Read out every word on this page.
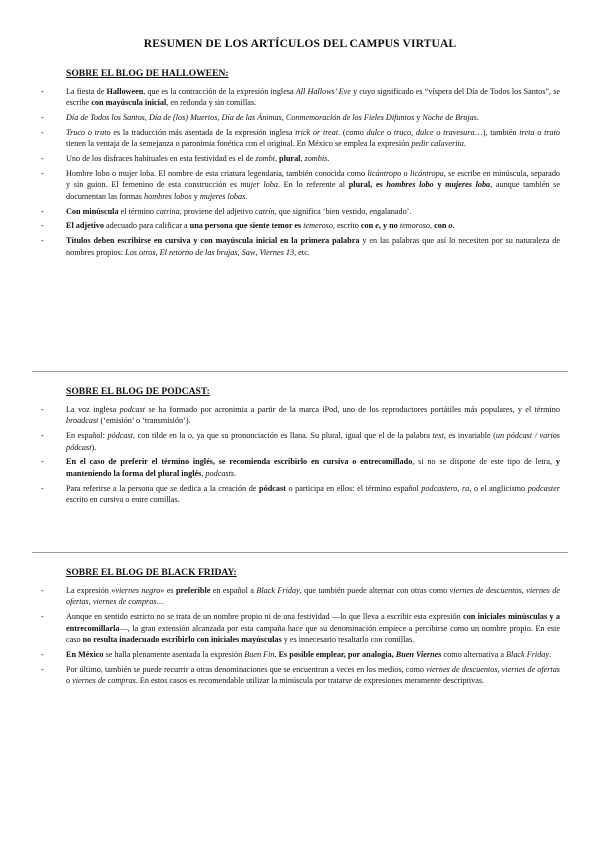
RESUMEN DE LOS ARTÍCULOS DEL CAMPUS VIRTUAL
SOBRE EL BLOG DE HALLOWEEN:
-	La fiesta de Halloween, que es la contracción de la expresión inglesa All Hallows’ Eve y cuyo significado es “víspera del Día de Todos los Santos”, se escribe con mayúscula inicial, en redonda y sin comillas.
-	Día de Todos los Santos, Día de (los) Muertos, Día de las Ánimas, Conmemoración de los Fieles Difuntos y Noche de Brujas.
-	Truco o trato es la traducción más asentada de la expresión inglesa trick or treat. (como dulce o truco, dulce o travesura…), también treta o trato tienen la ventaja de la semejanza o paronimia fonética con el original. En México se emplea la expresión pedir calaverita.
-	Uno de los disfraces habituales en esta festividad es el de zombi, plural, zombis.
-	Hombre lobo o mujer loba. El nombre de esta criatura legendaria, también conocida como licántropo o licántropa, se escribe en minúscula, separado y sin guion. El femenino de esta construcción es mujer loba. En lo referente al plural, es hombres lobo y mujeres loba, aunque también se documentan las formas hombres lobos y mujeres lobas.
-	Con minúscula el término catrina, proviene del adjetivo catrín, que significa ‘bien vestido, engalanado’.
-	El adjetivo adecuado para calificar a una persona que siente temor es temeroso, escrito con e, y no temoroso, con o.
-	Títulos deben escribirse en cursiva y con mayúscula inicial en la primera palabra y en las palabras que así lo necesiten por su naturaleza de nombres propios: Los otros, El retorno de las brujas, Saw, Viernes 13, etc.
SOBRE EL BLOG DE PODCAST:
-	La voz inglesa podcast se ha formado por acronimia a partir de la marca iPod, uno de los reproductores portátiles más populares, y el término broadcast (‘emisión’ o ‘transmisión’).
-	En español: pódcast, con tilde en la o, ya que su pronunciación es llana. Su plural, igual que el de la palabra test, es invariable (un pódcast / varios pódcast).
-	En el caso de preferir el término inglés, se recomienda escribirlo en cursiva o entrecomillado, si no se dispone de este tipo de letra, y manteniendo la forma del plural inglés, podcasts.
-	Para referirse a la persona que se dedica a la creación de pódcast o participa en ellos: el término español podcastero, ra, o el anglicismo podcaster escrito en cursiva o entre comillas.
SOBRE EL BLOG DE BLACK FRIDAY:
-	La expresión «viernes negro» es preferible en español a Black Friday, que también puede alternar con otras como viernes de descuentos, viernes de ofertas, viernes de compras…
-	Aunque en sentido estricto no se trata de un nombre propio ni de una festividad —lo que lleva a escribir esta expresión con iniciales minúsculas y a entrecomillarla—, la gran extensión alcanzada por esta campaña hace que su denominación empiece a percibirse como un nombre propio. En este caso no resulta inadecuado escribirlo con iniciales mayúsculas y es innecesario resaltarlo con comillas.
-	En México se halla plenamente asentada la expresión Buen Fin. Es posible emplear, por analogía, Buen Viernes como alternativa a Black Friday.
-	Por último, también se puede recurrir a otras denominaciones que se encuentran a veces en los medios, como viernes de descuentos, viernes de ofertas o viernes de compras. En estos casos es recomendable utilizar la minúscula por tratarse de expresiones meramente descriptivas.
